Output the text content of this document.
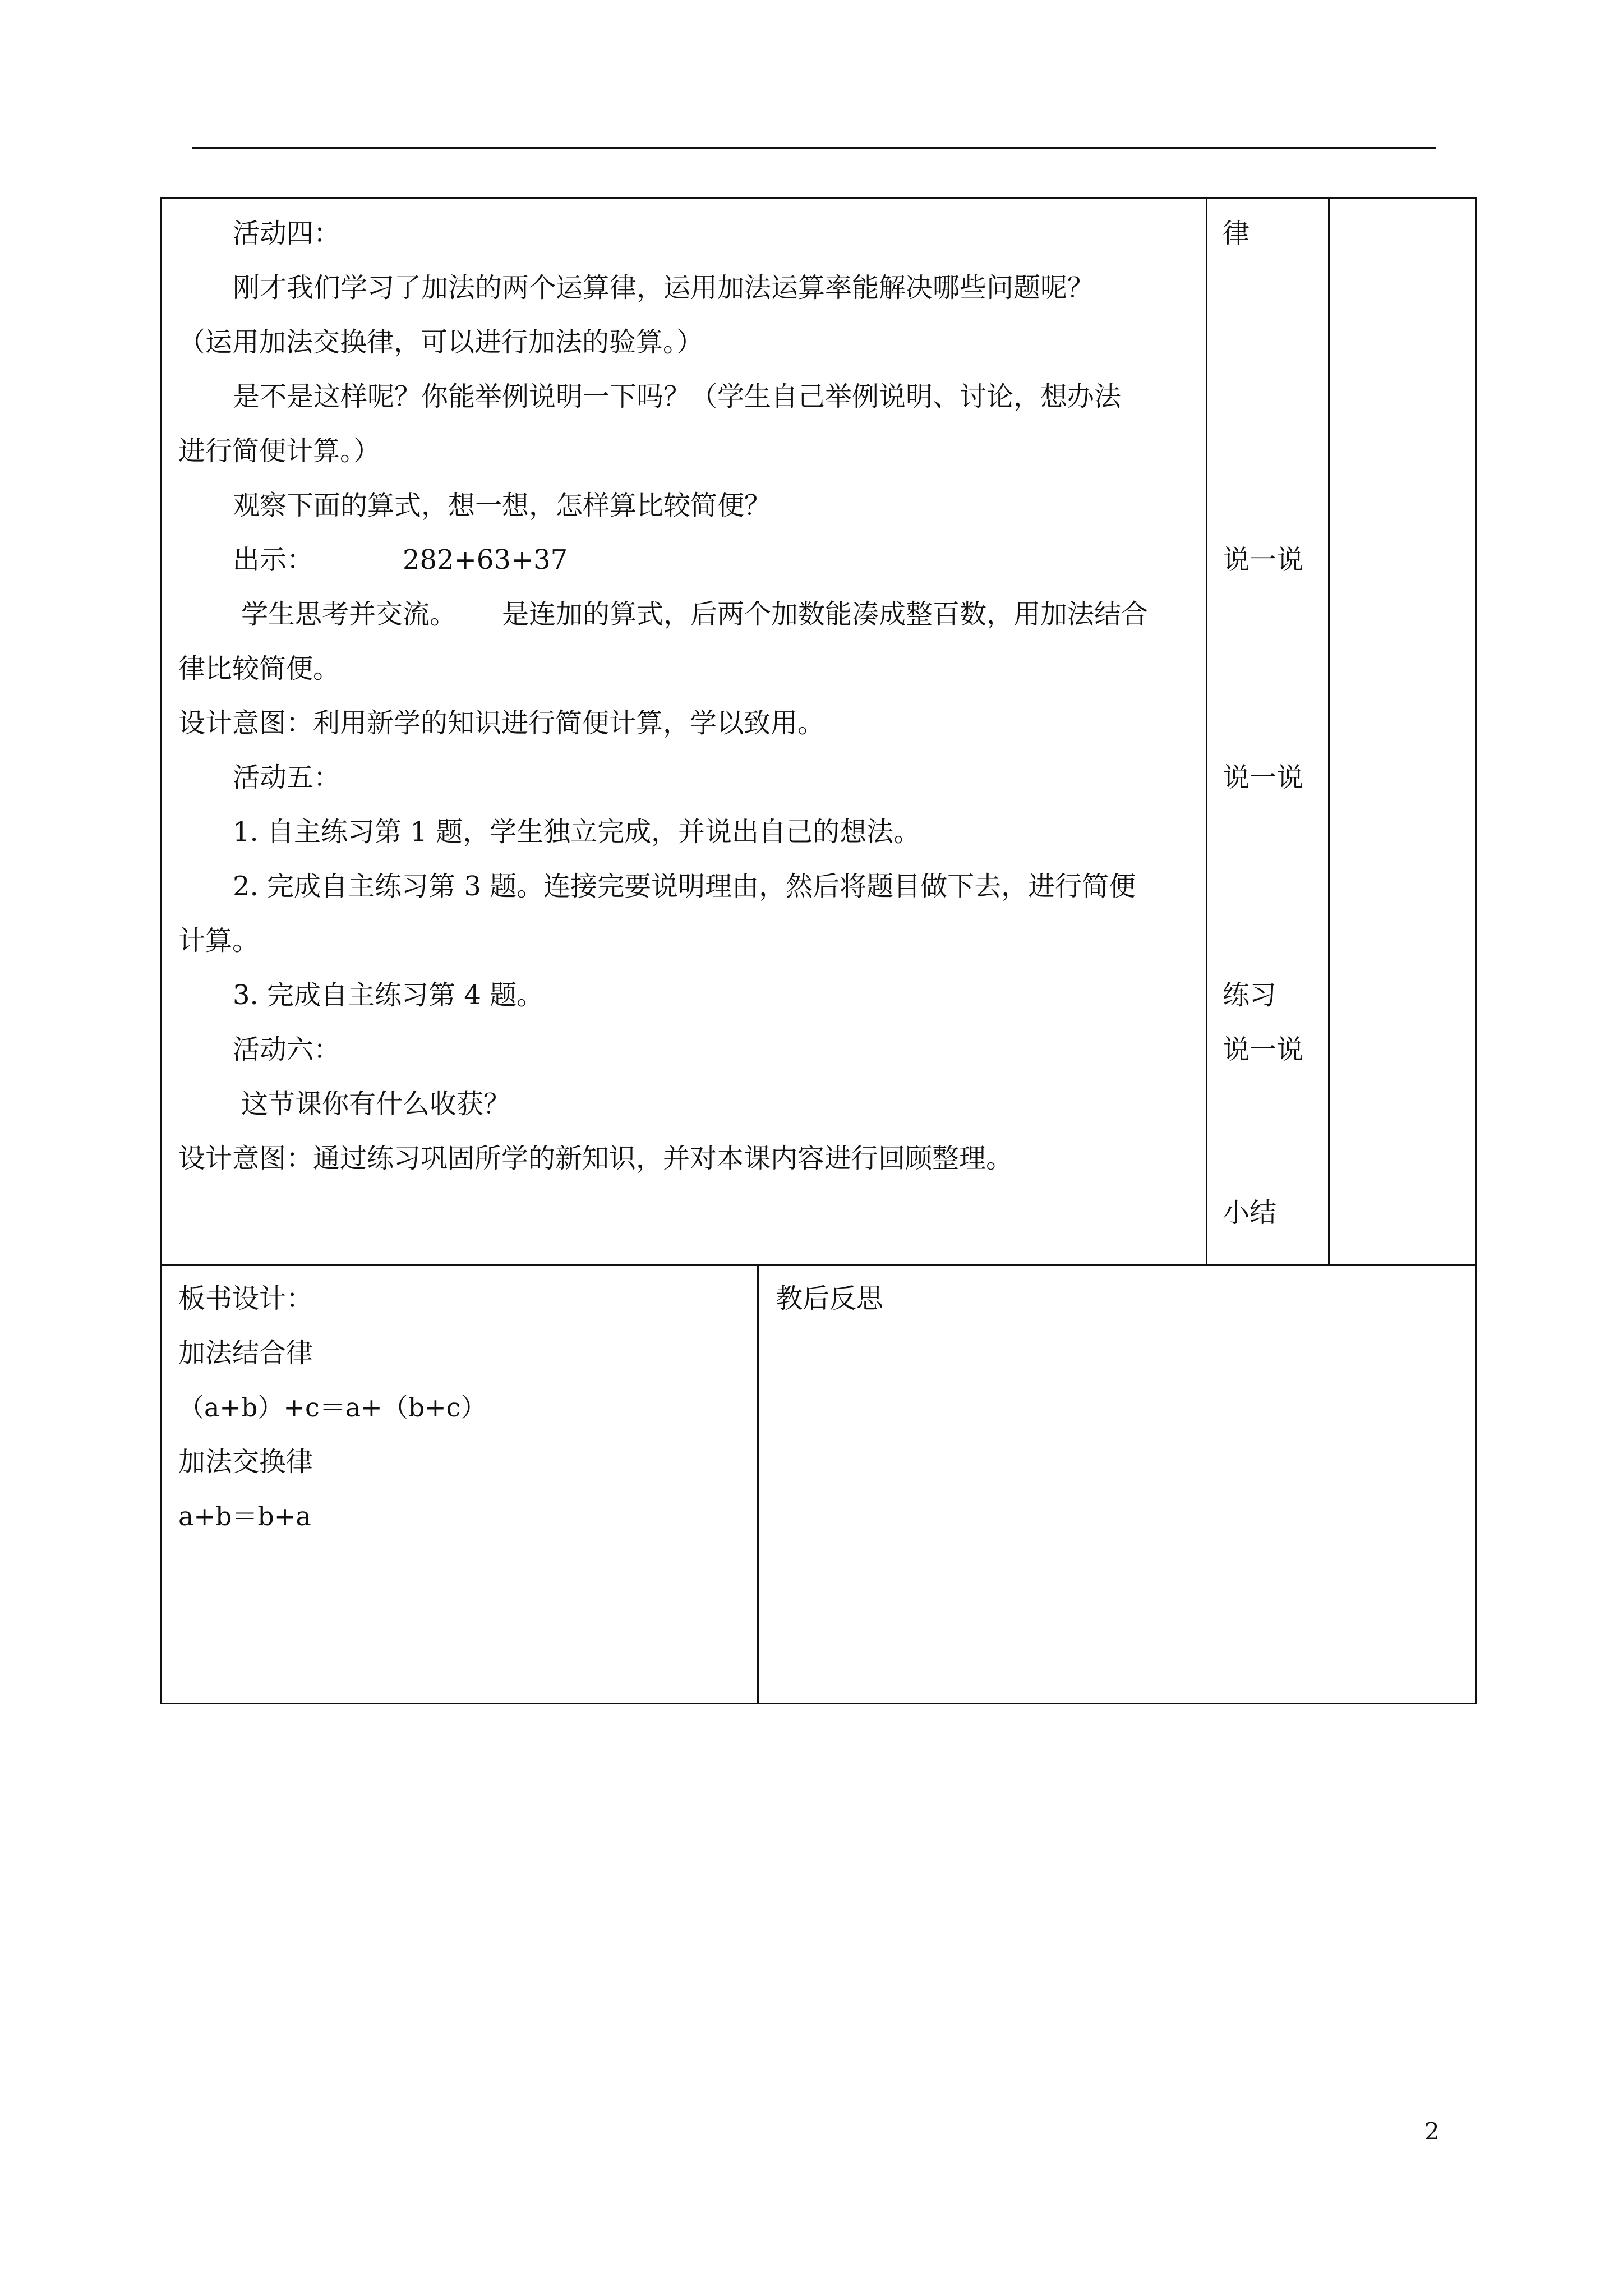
活动四：
刚才我们学习了加法的两个运算律，运用加法运算率能解决哪些问题呢？
（运用加法交换律，可以进行加法的验算。）
是不是这样呢？你能举例说明一下吗？（学生自己举例说明、讨论，想办法
进行简便计算。）
观察下面的算式，想一想，怎样算比较简便？
出示：	282+63+37
学生思考并交流。 是连加的算式，后两个加数能凑成整百数，用加法结合
律比较简便。
设计意图：利用新学的知识进行简便计算，学以致用。
活动五：
1. 自主练习第 1 题，学生独立完成，并说出自己的想法。
2. 完成自主练习第 3 题。连接完要说明理由，然后将题目做下去，进行简便
计算。
3. 完成自主练习第 4 题。
活动六：
这节课你有什么收获？
设计意图：通过练习巩固所学的新知识，并对本课内容进行回顾整理。
律
说一说
说一说
练习
说一说
小结
板书设计：
加法结合律
（a+b）+c＝a+（b+c）
加法交换律
a+b＝b+a
教后反思
2
